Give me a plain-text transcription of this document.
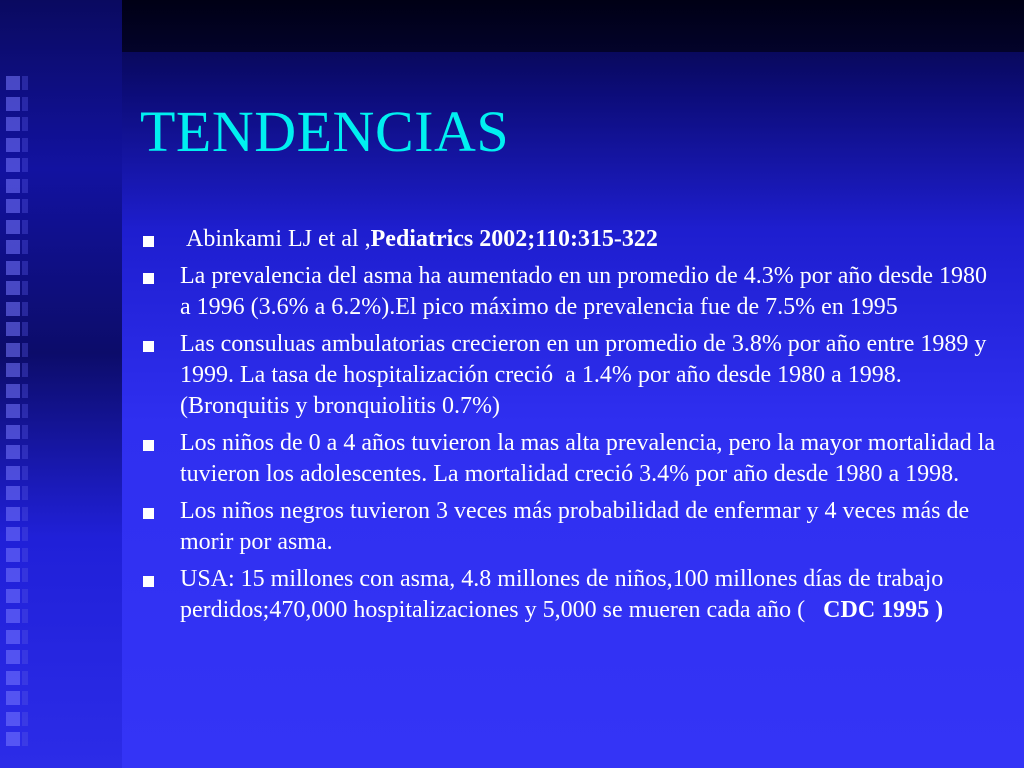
TENDENCIAS
Abinkami LJ et al ,Pediatrics 2002;110:315-322
La prevalencia del asma ha aumentado en un promedio de 4.3% por año desde 1980 a 1996 (3.6% a 6.2%).El pico máximo de prevalencia fue de 7.5% en 1995
Las consuluas ambulatorias crecieron en un promedio de 3.8% por año entre 1989 y 1999. La tasa de hospitalización creció  a 1.4% por año desde 1980 a 1998.(Bronquitis y bronquiolitis 0.7%)
Los niños de 0 a 4 años tuvieron la mas alta prevalencia, pero la mayor mortalidad la tuvieron los adolescentes. La mortalidad creció 3.4% por año desde 1980 a 1998.
Los niños negros tuvieron 3 veces más probabilidad de enfermar y 4 veces más de morir por asma.
USA: 15 millones con asma, 4.8 millones de niños,100 millones días de trabajo perdidos;470,000 hospitalizaciones y 5,000 se mueren cada año (   CDC 1995 )
